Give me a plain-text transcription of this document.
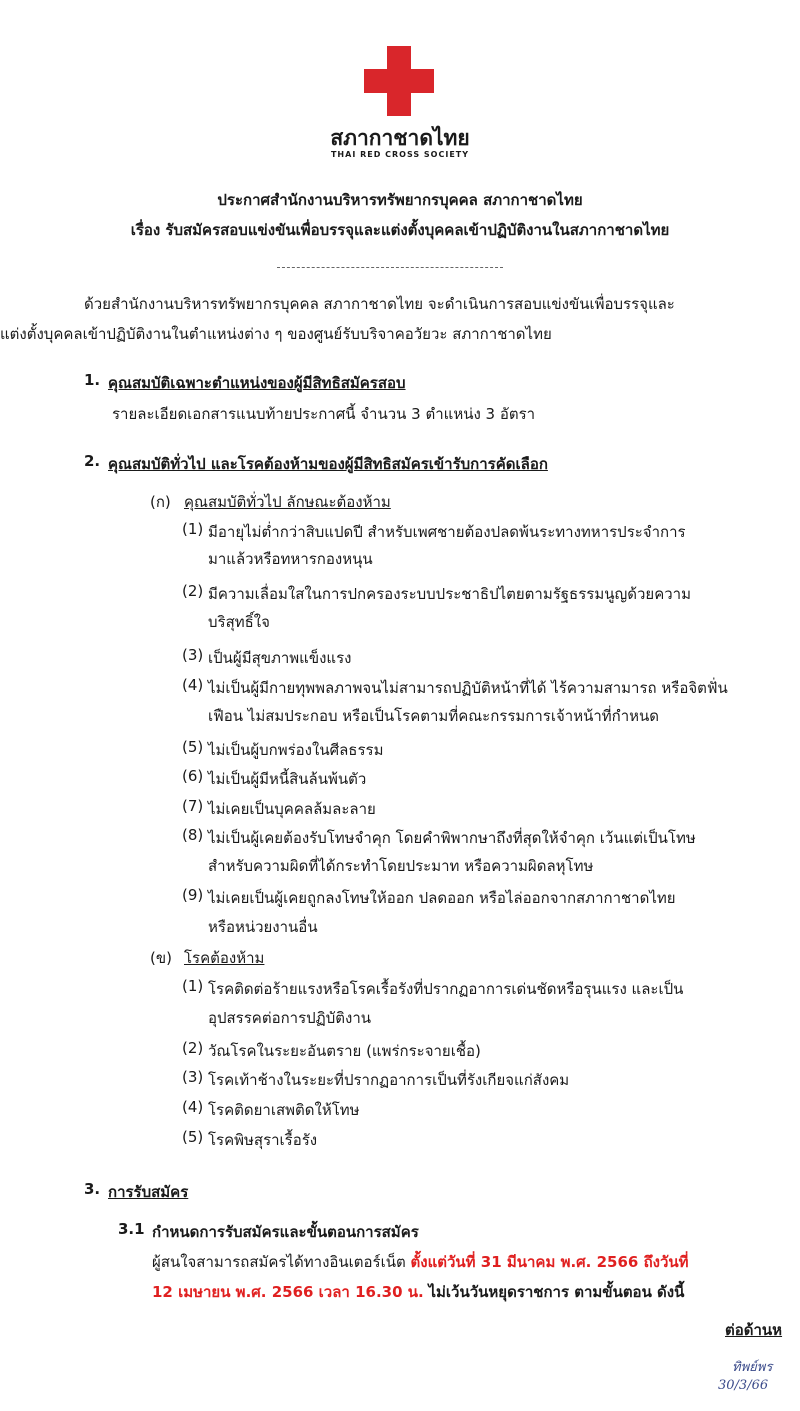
สภากาชาดไทย
THAI RED CROSS SOCIETY
ประกาศสำนักงานบริหารทรัพยากรบุคคล สภากาชาดไทย
เรื่อง รับสมัครสอบแข่งขันเพื่อบรรจุและแต่งตั้งบุคคลเข้าปฏิบัติงานในสภากาชาดไทย
ด้วยสำนักงานบริหารทรัพยากรบุคคล สภากาชาดไทย จะดำเนินการสอบแข่งขันเพื่อบรรจุและ
แต่งตั้งบุคคลเข้าปฏิบัติงานในตำแหน่งต่าง ๆ ของศูนย์รับบริจาคอวัยวะ สภากาชาดไทย
1. คุณสมบัติเฉพาะตำแหน่งของผู้มีสิทธิสมัครสอบ
รายละเอียดเอกสารแนบท้ายประกาศนี้ จำนวน 3 ตำแหน่ง 3 อัตรา
2. คุณสมบัติทั่วไป และโรคต้องห้ามของผู้มีสิทธิสมัครเข้ารับการคัดเลือก
(ก) คุณสมบัติทั่วไป ลักษณะต้องห้าม
(1) มีอายุไม่ต่ำกว่าสิบแปดปี สำหรับเพศชายต้องปลดพ้นระทางทหารประจำการ
มาแล้วหรือทหารกองหนุน
(2) มีความเลื่อมใสในการปกครองระบบประชาธิปไตยตามรัฐธรรมนูญด้วยความ
บริสุทธิ์ใจ
(3) เป็นผู้มีสุขภาพแข็งแรง
(4) ไม่เป็นผู้มีกายทุพพลภาพจนไม่สามารถปฏิบัติหน้าที่ได้ ไร้ความสามารถ หรือจิตฟั่น
เฟือน ไม่สมประกอบ หรือเป็นโรคตามที่คณะกรรมการเจ้าหน้าที่กำหนด
(5) ไม่เป็นผู้บกพร่องในศีลธรรม
(6) ไม่เป็นผู้มีหนี้สินล้นพ้นตัว
(7) ไม่เคยเป็นบุคคลล้มละลาย
(8) ไม่เป็นผู้เคยต้องรับโทษจำคุก โดยคำพิพากษาถึงที่สุดให้จำคุก เว้นแต่เป็นโทษ
สำหรับความผิดที่ได้กระทำโดยประมาท หรือความผิดลหุโทษ
(9) ไม่เคยเป็นผู้เคยถูกลงโทษให้ออก ปลดออก หรือไล่ออกจากสภากาชาดไทย
หรือหน่วยงานอื่น
(ข) โรคต้องห้าม
(1) โรคติดต่อร้ายแรงหรือโรคเรื้อรังที่ปรากฏอาการเด่นชัดหรือรุนแรง และเป็น
อุปสรรคต่อการปฏิบัติงาน
(2) วัณโรคในระยะอันตราย (แพร่กระจายเชื้อ)
(3) โรคเท้าช้างในระยะที่ปรากฏอาการเป็นที่รังเกียจแก่สังคม
(4) โรคติดยาเสพติดให้โทษ
(5) โรคพิษสุราเรื้อรัง
3. การรับสมัคร
3.1 กำหนดการรับสมัครและขั้นตอนการสมัคร
ผู้สนใจสามารถสมัครได้ทางอินเตอร์เน็ต ตั้งแต่วันที่ 31 มีนาคม พ.ศ. 2566 ถึงวันที่
12 เมษายน พ.ศ. 2566 เวลา 16.30 น. ไม่เว้นวันหยุดราชการ ตามขั้นตอน ดังนี้
ต่อด้านห
ทิพย์พร
30/3/66
